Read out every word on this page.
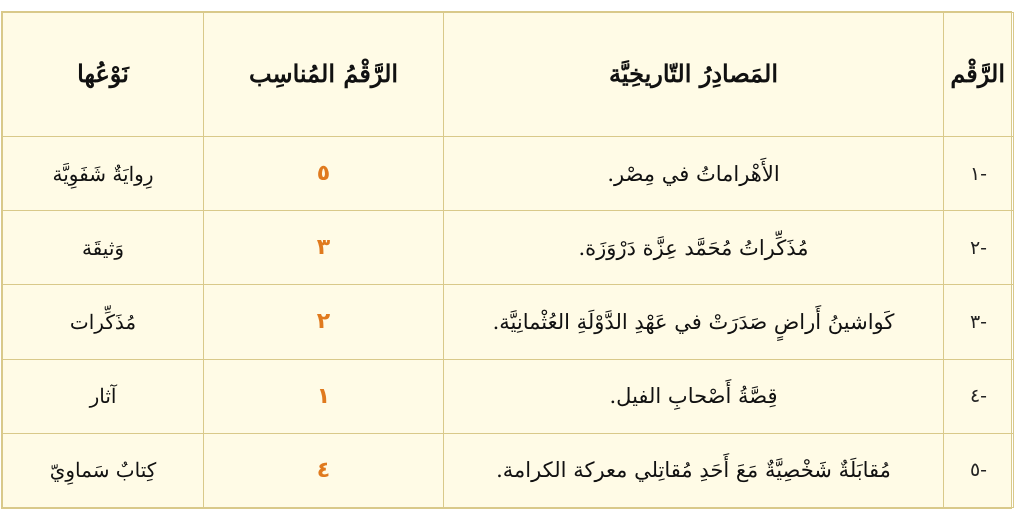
الرَّقْم	المَصادِرُ التّاريخِيَّة	الرَّقْمُ المُناسِب	نَوْعُها
-١	الأَهْراماتُ في مِصْر.	٥	رِوايَةٌ شَفَوِيَّة
-٢	مُذَكِّراتُ مُحَمَّد عِزَّة دَرْوَزَة.	٣	وَثيقَة
-٣	كَواشينُ أَراضٍ صَدَرَتْ في عَهْدِ الدَّوْلَةِ العُثْمانِيَّة.	٢	مُذَكِّرات
-٤	قِصَّةُ أَصْحابِ الفيل.	١	آثار
-٥	مُقابَلَةٌ شَخْصِيَّةٌ مَعَ أَحَدِ مُقاتِلي معركة الكرامة.	٤	كِتابٌ سَماوِيّ
